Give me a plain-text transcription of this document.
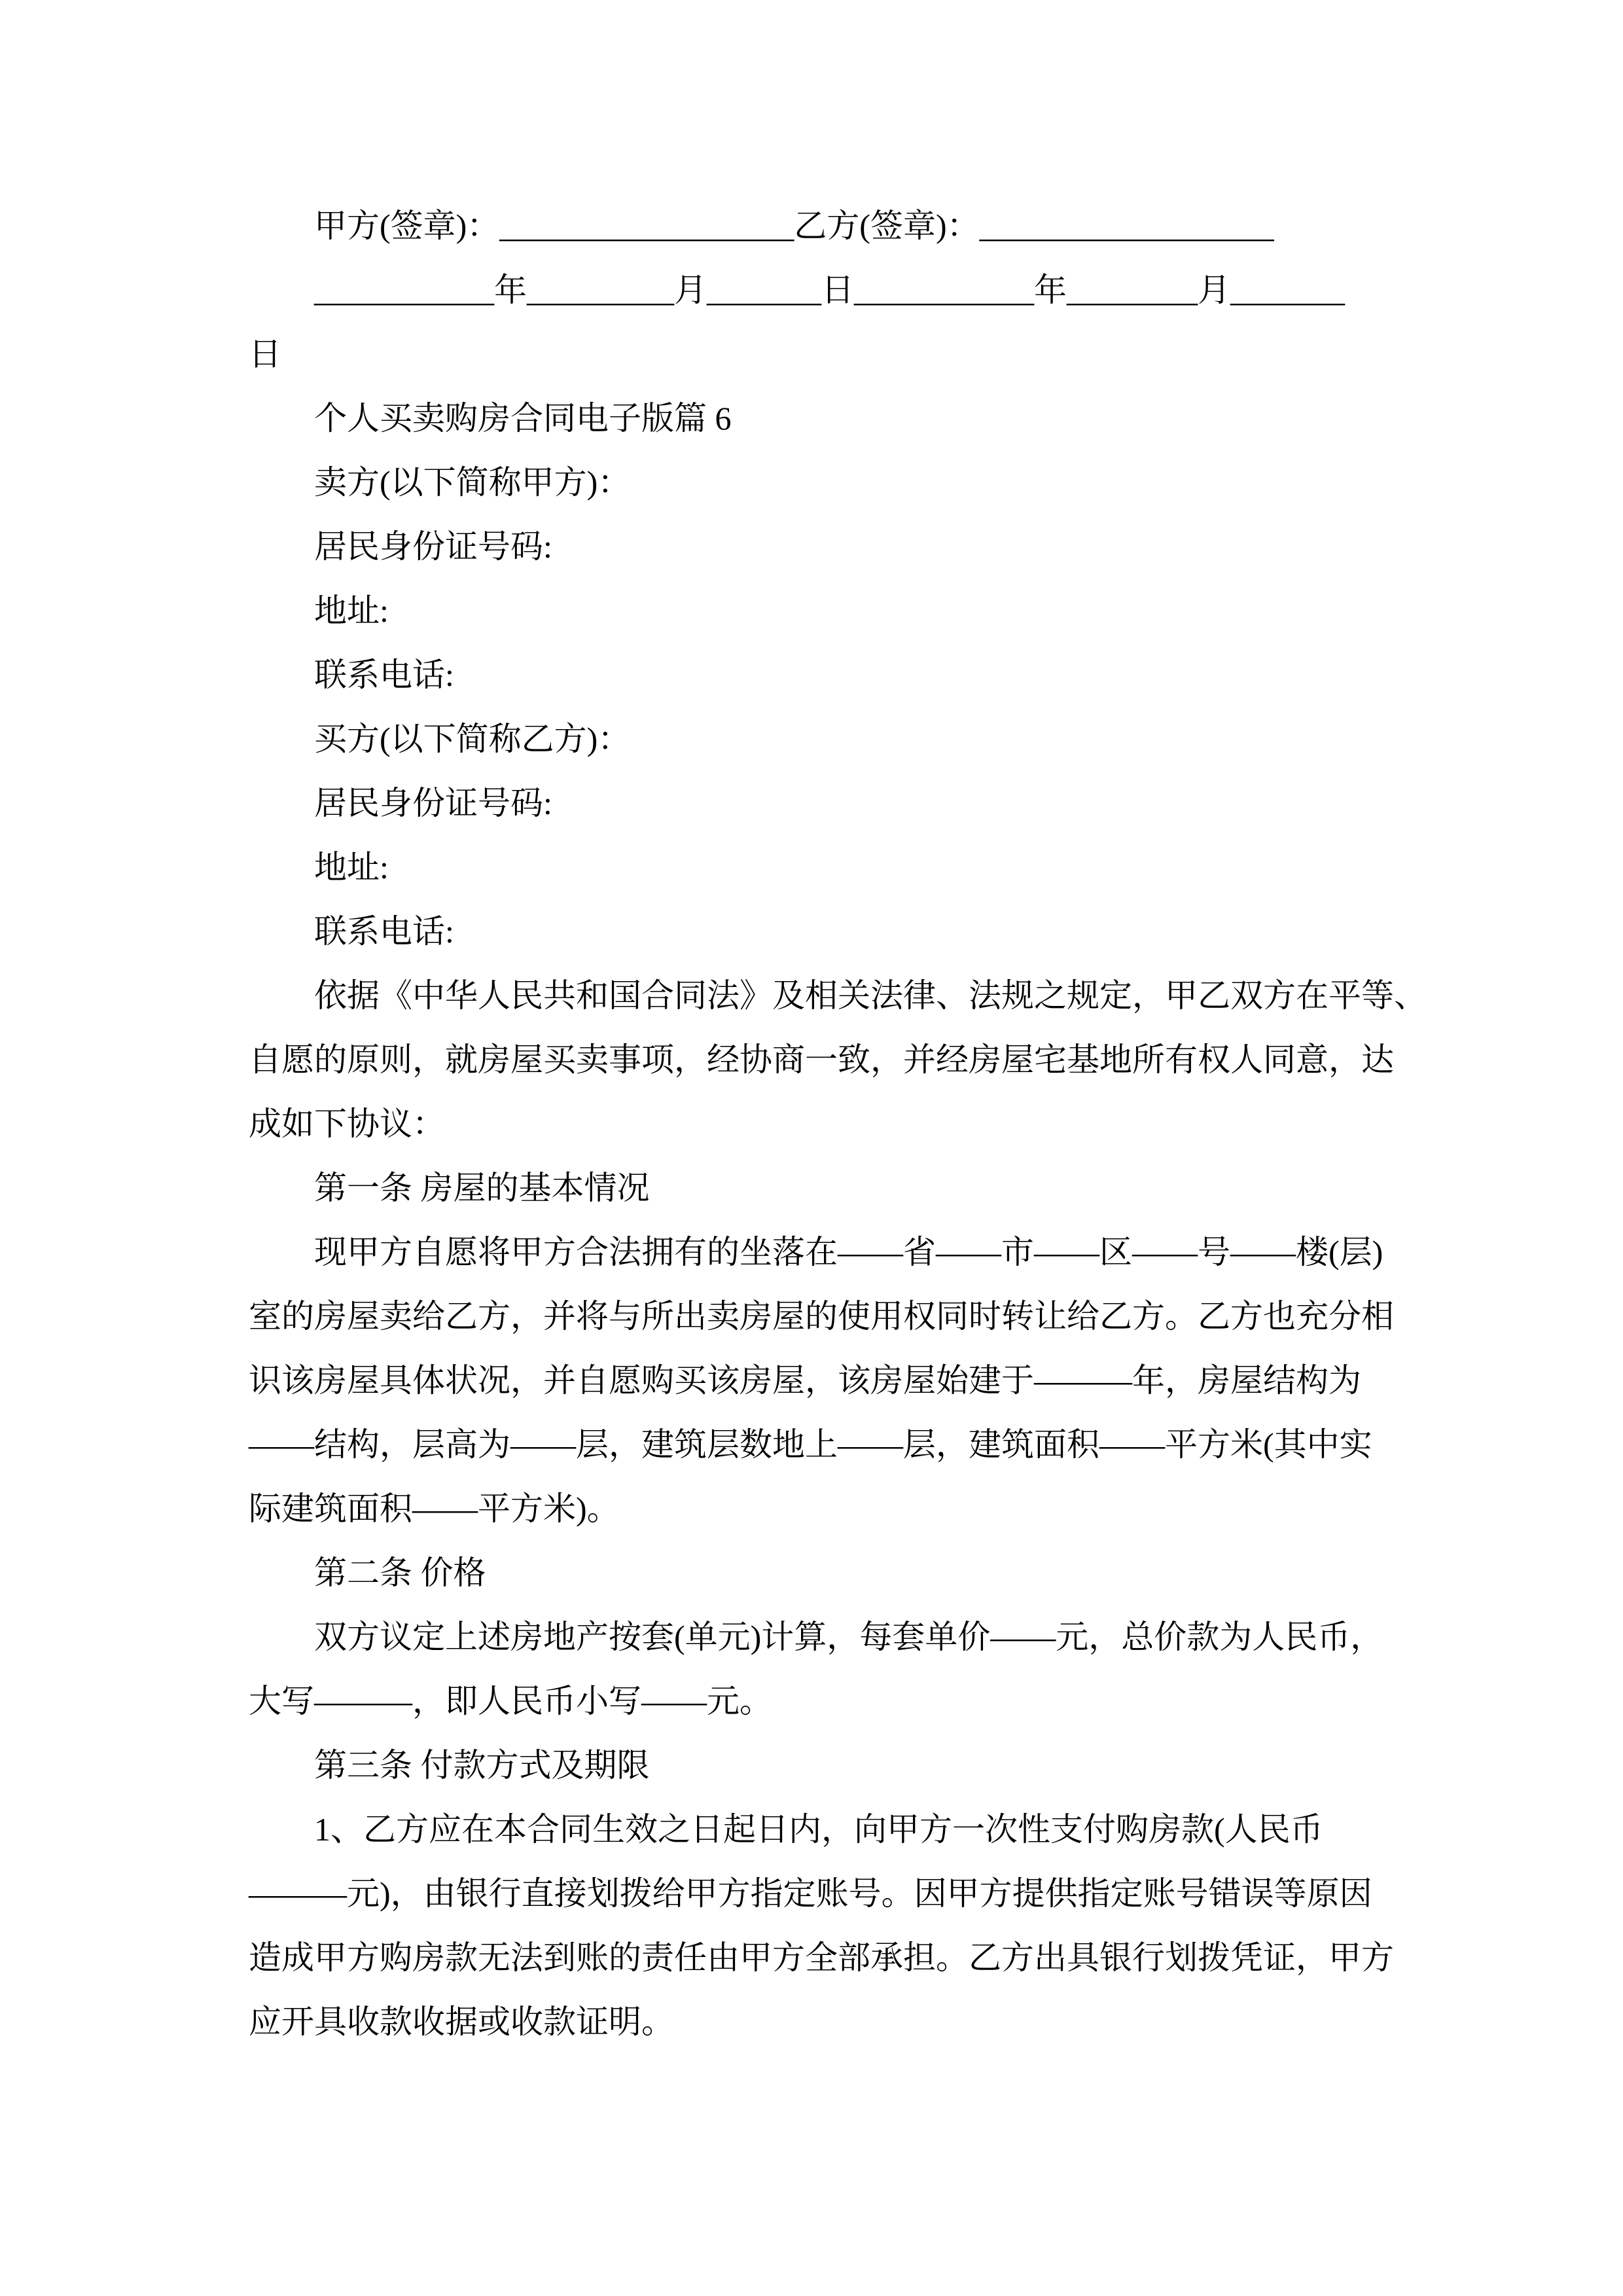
甲方(签章)：__________________乙方(签章)：__________________
___________年_________月_______日___________年________月_______
日
个人买卖购房合同电子版篇 6
卖方(以下简称甲方)：
居民身份证号码:
地址:
联系电话:
买方(以下简称乙方)：
居民身份证号码:
地址:
联系电话:
依据《中华人民共和国合同法》及相关法律、法规之规定，甲乙双方在平等、
自愿的原则，就房屋买卖事项，经协商一致，并经房屋宅基地所有权人同意，达
成如下协议：
第一条 房屋的基本情况
现甲方自愿将甲方合法拥有的坐落在——省——市——区——号——楼(层)
室的房屋卖给乙方，并将与所出卖房屋的使用权同时转让给乙方。乙方也充分相
识该房屋具体状况，并自愿购买该房屋，该房屋始建于———年，房屋结构为
——结构，层高为——层，建筑层数地上——层，建筑面积——平方米(其中实
际建筑面积——平方米)。
第二条 价格
双方议定上述房地产按套(单元)计算，每套单价——元，总价款为人民币，
大写———，即人民币小写——元。
第三条 付款方式及期限
1、乙方应在本合同生效之日起日内，向甲方一次性支付购房款(人民币
———元)，由银行直接划拨给甲方指定账号。因甲方提供指定账号错误等原因
造成甲方购房款无法到账的责任由甲方全部承担。乙方出具银行划拨凭证，甲方
应开具收款收据或收款证明。
